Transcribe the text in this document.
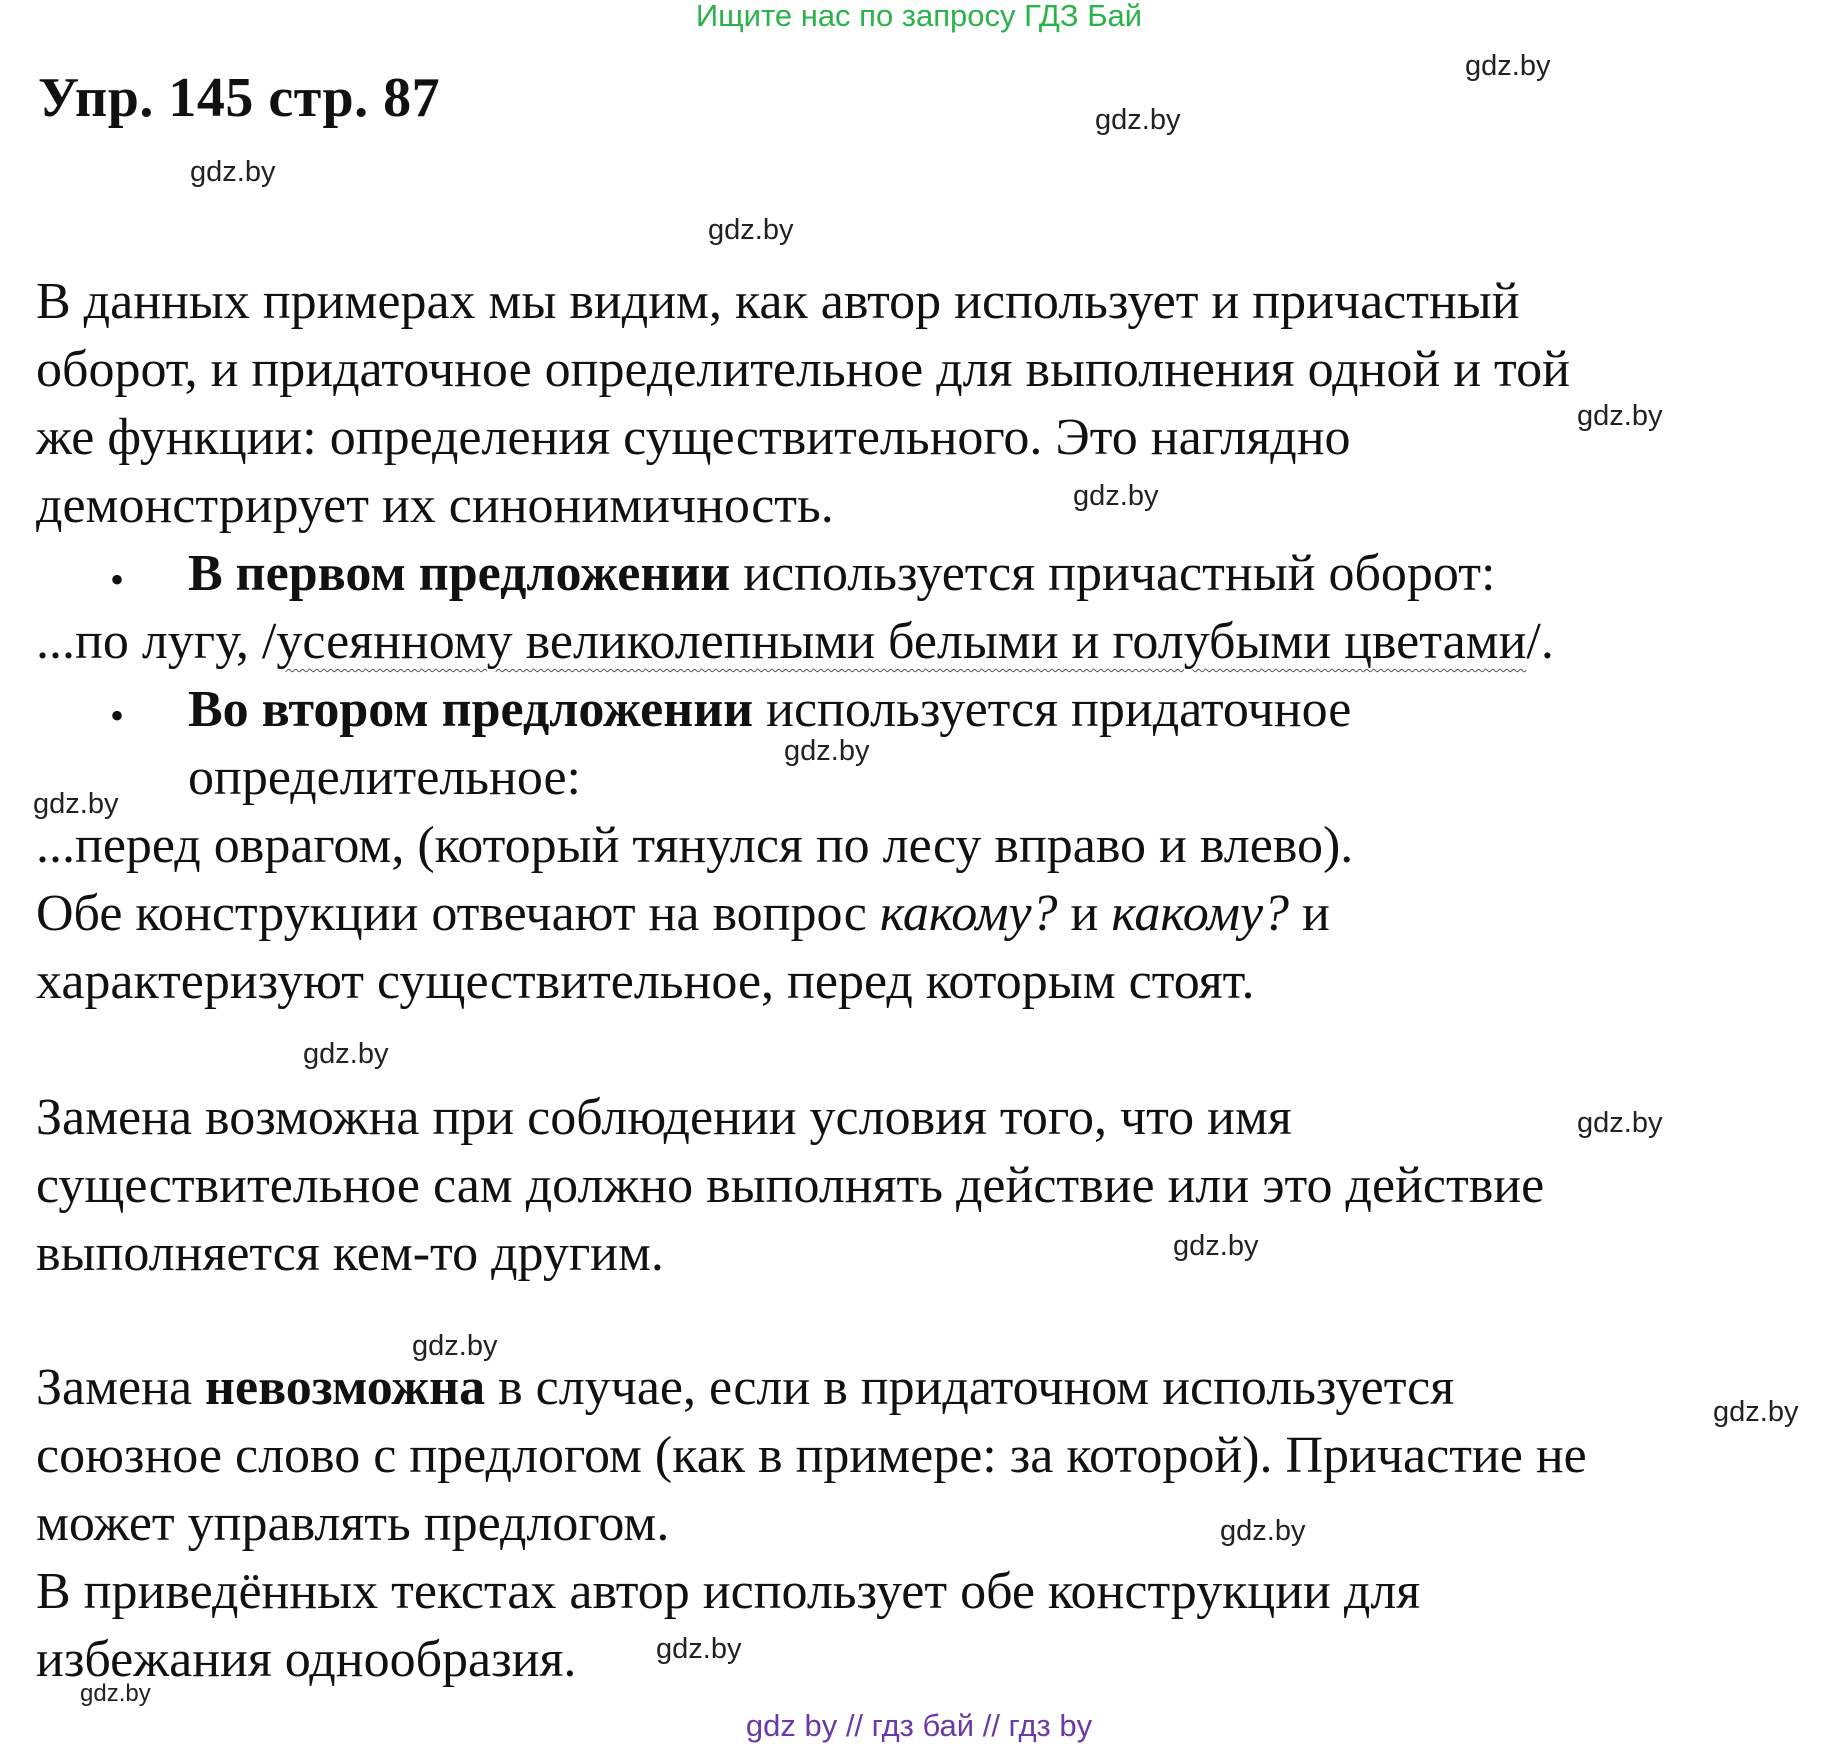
Ищите нас по запросу ГДЗ Бай
Упр. 145 стр. 87
gdz.by
gdz.by
gdz.by
gdz.by
gdz.by
gdz.by
gdz.by
gdz.by
gdz.by
gdz.by
gdz.by
gdz.by
gdz.by
gdz.by
gdz.by
gdz.by
В данных примерах мы видим, как автор использует и причастный
оборот, и придаточное определительное для выполнения одной и той
же функции: определения существительного. Это наглядно
демонстрирует их синонимичность.
• В первом предложении используется причастный оборот:
...по лугу, /усеянному великолепными белыми и голубыми цветами/.
• Во втором предложении используется придаточное
определительное:
...перед оврагом, (который тянулся по лесу вправо и влево).
Обе конструкции отвечают на вопрос какому? и какому? и
характеризуют существительное, перед которым стоят.
Замена возможна при соблюдении условия того, что имя
существительное сам должно выполнять действие или это действие
выполняется кем-то другим.
Замена невозможна в случае, если в придаточном используется
союзное слово с предлогом (как в примере: за которой). Причастие не
может управлять предлогом.
В приведённых текстах автор использует обе конструкции для
избежания однообразия.
gdz by // гдз бай // гдз by
